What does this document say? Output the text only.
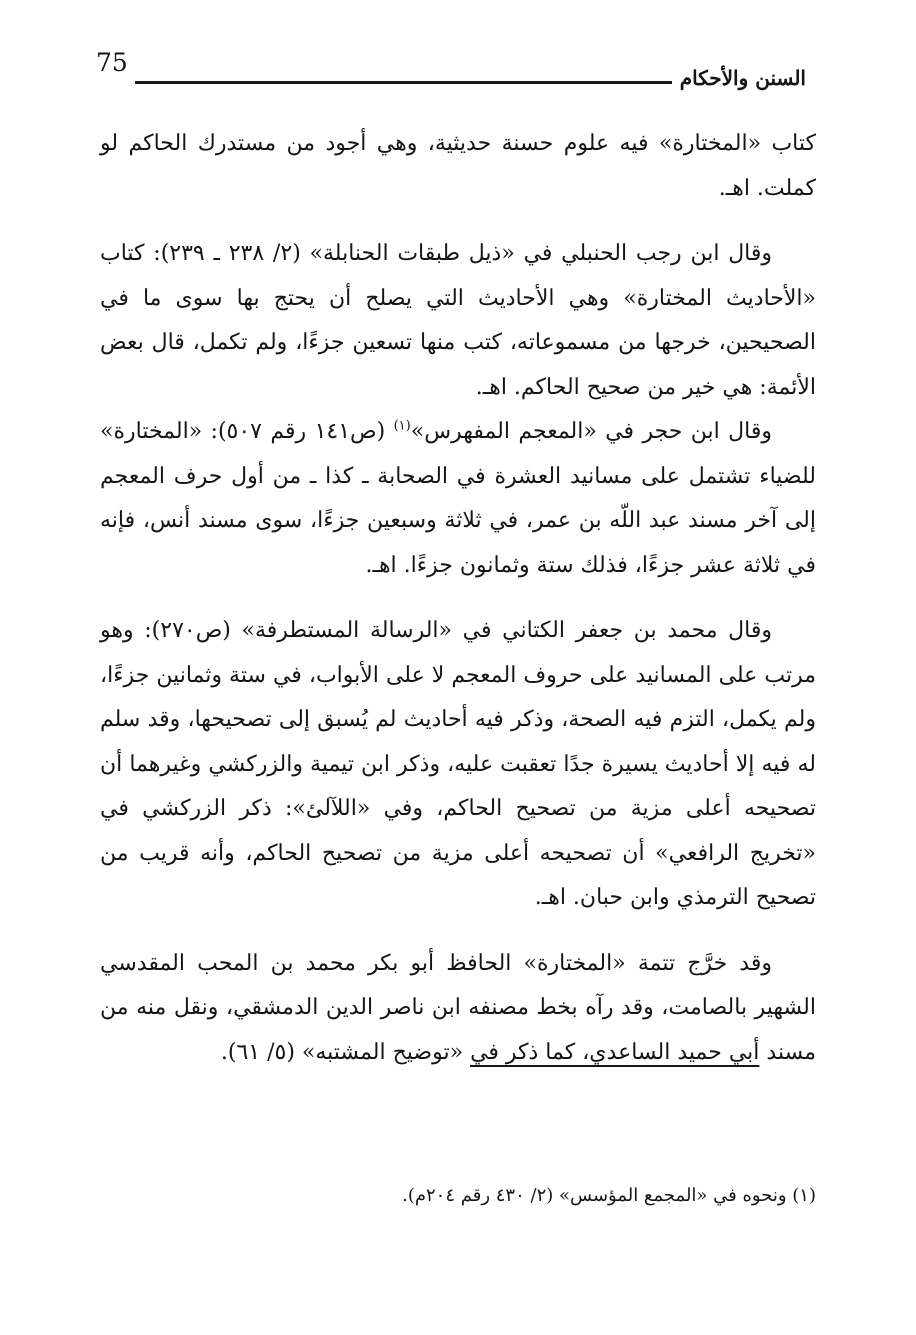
75
السنن والأحكام

كتاب «المختارة» فيه علوم حسنة حديثية، وهي أجود من مستدرك الحاكم لو كملت. اهـ.

وقال ابن رجب الحنبلي في «ذيل طبقات الحنابلة» (٢/ ٢٣٨ ـ ٢٣٩): كتاب «الأحاديث المختارة» وهي الأحاديث التي يصلح أن يحتج بها سوى ما في الصحيحين، خرجها من مسموعاته، كتب منها تسعين جزءًا، ولم تكمل، قال بعض الأئمة: هي خير من صحيح الحاكم. اهـ.

وقال ابن حجر في «المعجم المفهرس»$^{(١)}$ (ص١٤١ رقم ٥٠٧): «المختارة» للضياء تشتمل على مسانيد العشرة في الصحابة ـ كذا ـ من أول حرف المعجم إلى آخر مسند عبد اللّه بن عمر، في ثلاثة وسبعين جزءًا، سوى مسند أنس، فإنه في ثلاثة عشر جزءًا، فذلك ستة وثمانون جزءًا. اهـ.

وقال محمد بن جعفر الكتاني في «الرسالة المستطرفة» (ص٢٧٠): وهو مرتب على المسانيد على حروف المعجم لا على الأبواب، في ستة وثمانين جزءًا، ولم يكمل، التزم فيه الصحة، وذكر فيه أحاديث لم يُسبق إلى تصحيحها، وقد سلم له فيه إلا أحاديث يسيرة جدًا تعقبت عليه، وذكر ابن تيمية والزركشي وغيرهما أن تصحيحه أعلى مزية من تصحيح الحاكم، وفي «اللآلئ»: ذكر الزركشي في «تخريج الرافعي» أن تصحيحه أعلى مزية من تصحيح الحاكم، وأنه قريب من تصحيح الترمذي وابن حبان. اهـ.

وقد خرَّج تتمة «المختارة» الحافظ أبو بكر محمد بن المحب المقدسي الشهير بالصامت، وقد رآه بخط مصنفه ابن ناصر الدين الدمشقي، ونقل منه من مسند أبي حميد الساعدي، كما ذكر في «توضيح المشتبه» (٥/ ٦١).

(١) ونحوه في «المجمع المؤسس» (٢/ ٤٣٠ رقم ٢٠٤م).
